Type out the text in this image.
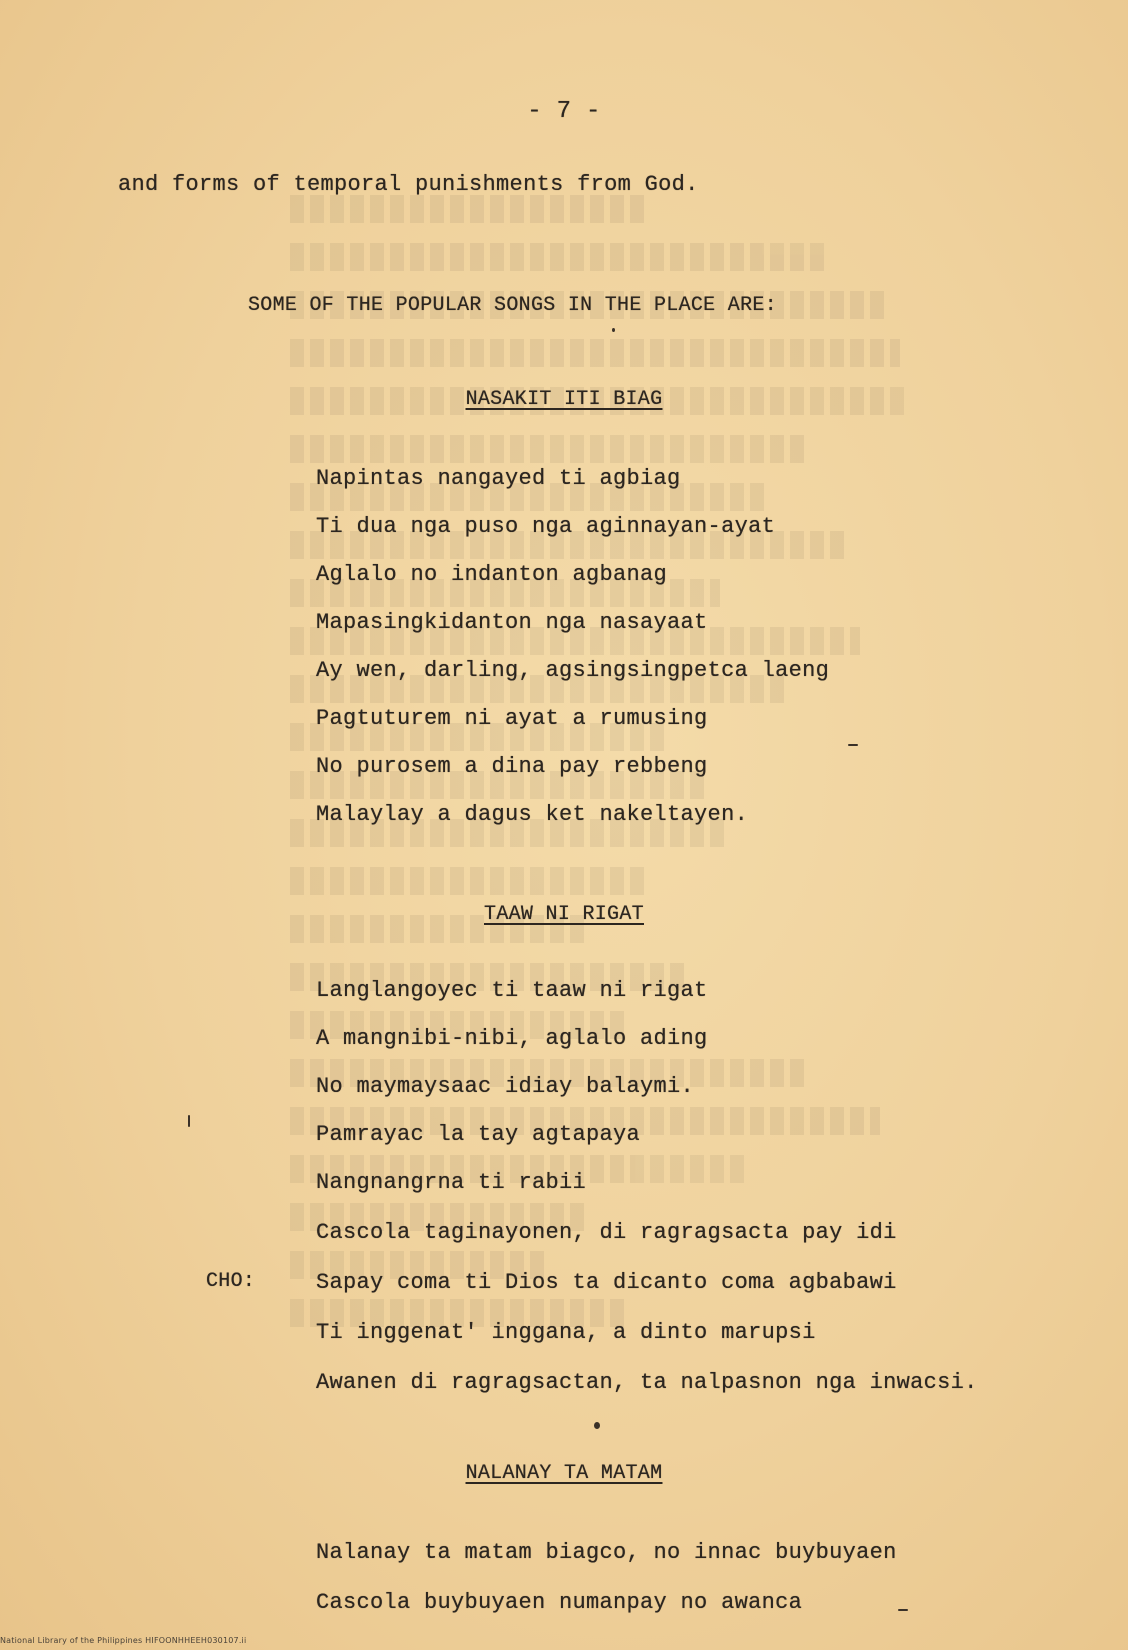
- 7 -
and forms of temporal punishments from God.
SOME OF THE POPULAR SONGS IN THE PLACE ARE:
NASAKIT ITI BIAG
Napintas nangayed ti agbiag
Ti dua nga puso nga aginnayan-ayat
Aglalo no indanton agbanag
Mapasingkidanton nga nasayaat
Ay wen, darling, agsingsingpetca laeng
Pagtuturem ni ayat a rumusing
No purosem a dina pay rebbeng
Malaylay a dagus ket nakeltayen.
TAAW NI RIGAT
Langlangoyec ti taaw ni rigat
A mangnibi-nibi, aglalo ading
No maymaysaac idiay balaymi.
Pamrayac la tay agtapaya
Nangnangrna ti rabii
Cascola taginayonen, di ragragsacta pay idi
CHO:	Sapay coma ti Dios ta dicanto coma agbabawi
Ti inggenat' inggana, a dinto marupsi
Awanen di ragragsactan, ta nalpasnon nga inwacsi.
NALANAY TA MATAM
Nalanay ta matam biagco, no innac buybuyaen
Cascola buybuyaen numanpay no awanca
National Library of the Philippines HIFOONHHEEH030107.ii
